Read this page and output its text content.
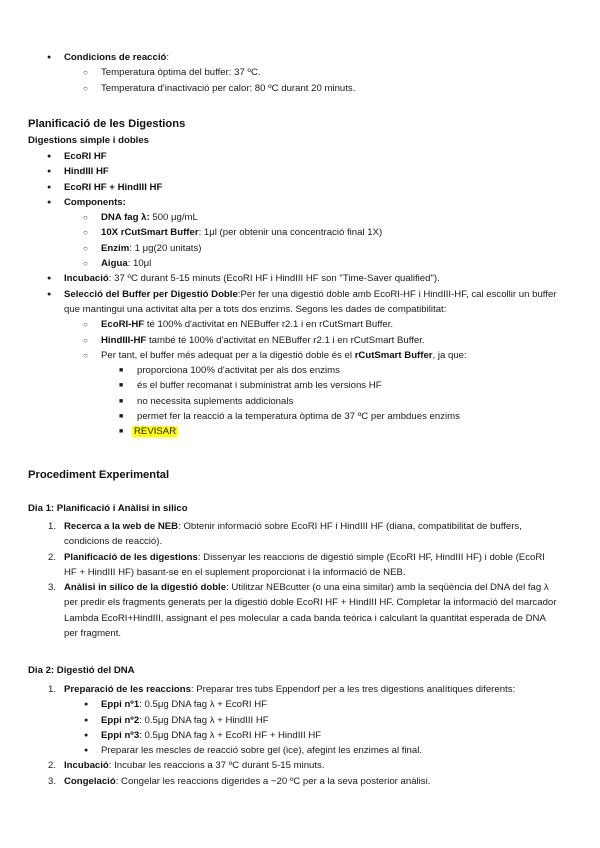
● Condicions de reacció:
○ Temperatura òptima del buffer: 37 ºC.
○ Temperatura d'inactivació per calor: 80 ºC durant 20 minuts.
Planificació de les Digestions
Digestions simple i dobles
● EcoRI HF
● HindIII HF
● EcoRI HF + HindIII HF
● Components:
○ DNA fag λ: 500 μg/mL
○ 10X rCutSmart Buffer: 1μl (per obtenir una concentració final 1X)
○ Enzim: 1 μg(20 unitats)
○ Aigua: 10μl
● Incubació: 37 ºC durant 5-15 minuts (EcoRI HF i HindIII HF son "Time-Saver qualified").
● Selecció del Buffer per Digestió Doble:Per fer una digestió doble amb EcoRI-HF i HindIII-HF, cal escollir un buffer que mantingui una activitat alta per a tots dos enzims. Segons les dades de compatibilitat:
○ EcoRI-HF té 100% d'activitat en NEBuffer r2.1 i en rCutSmart Buffer.
○ HindIII-HF també té 100% d'activitat en NEBuffer r2.1 i en rCutSmart Buffer.
○ Per tant, el buffer més adequat per a la digestió doble és el rCutSmart Buffer, ja que:
■ proporciona 100% d'activitat per als dos enzims
■ és el buffer recomanat i subministrat amb les versions HF
■ no necessita suplements addicionals
■ permet fer la reacció a la temperatura òptima de 37 ºC per ambdues enzims
■ REVISAR
Procediment Experimental
Dia 1: Planificació i Anàlisi in silico
1. Recerca a la web de NEB: Obtenir informació sobre EcoRI HF i HindIII HF (diana, compatibilitat de buffers, condicions de reacció).
2. Planificació de les digestions: Dissenyar les reaccions de digestió simple (EcoRI HF, HindIII HF) i doble (EcoRI HF + HindIII HF) basant-se en el suplement proporcionat i la informació de NEB.
3. Anàlisi in silico de la digestió doble: Utilitzar NEBcutter (o una eina similar) amb la seqüència del DNA del fag λ per predir els fragments generats per la digestió doble EcoRI HF + HindIII HF. Completar la informació del marcador Lambda EcoRI+HindIII, assignant el pes molecular a cada banda teòrica i calculant la quantitat esperada de DNA per fragment.
Dia 2: Digestió del DNA
1. Preparació de les reaccions: Preparar tres tubs Eppendorf per a les tres digestions analítiques diferents:
● Eppi nº1: 0.5μg DNA fag λ + EcoRI HF
● Eppi nº2: 0.5μg DNA fag λ + HindIII HF
● Eppi nº3: 0.5μg DNA fag λ + EcoRI HF + HindIII HF
● Preparar les mescles de reacció sobre gel (ice), afegint les enzimes al final.
2. Incubació: Incubar les reaccions a 37 ºC durant 5-15 minuts.
3. Congelació: Congelar les reaccions digerides a −20 ºC per a la seva posterior anàlisi.
